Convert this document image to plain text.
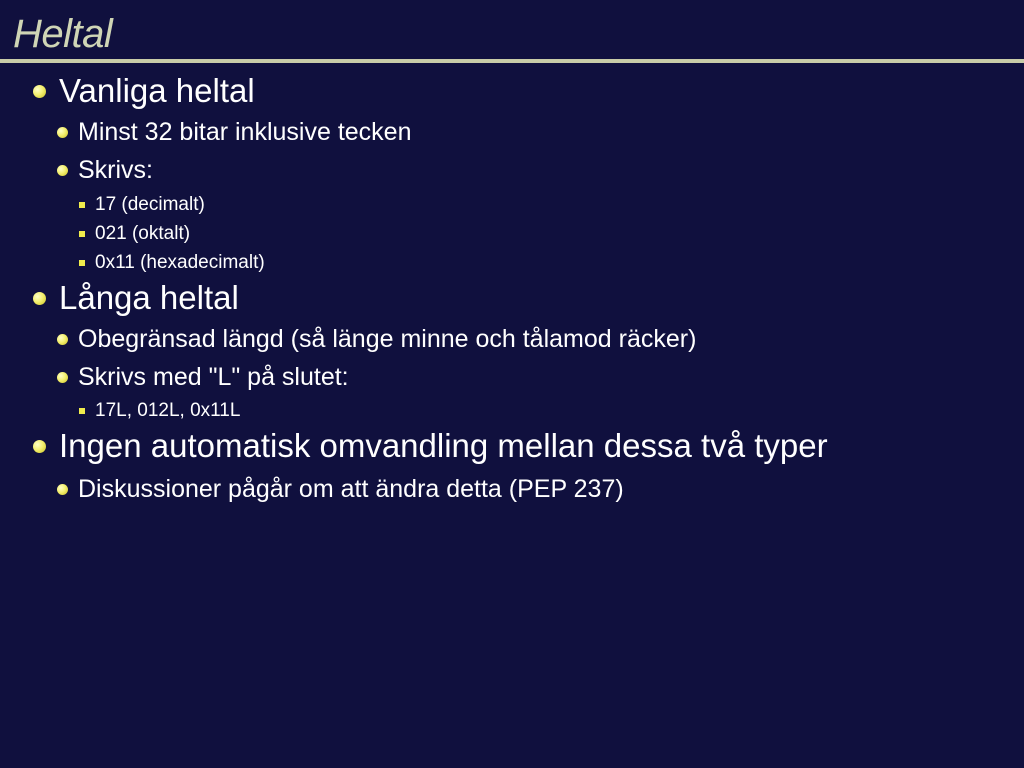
Heltal
Vanliga heltal
Minst 32 bitar inklusive tecken
Skrivs:
17 (decimalt)
021 (oktalt)
0x11 (hexadecimalt)
Långa heltal
Obegränsad längd (så länge minne och tålamod räcker)
Skrivs med "L" på slutet:
17L, 012L, 0x11L
Ingen automatisk omvandling mellan dessa två typer
Diskussioner pågår om att ändra detta (PEP 237)
